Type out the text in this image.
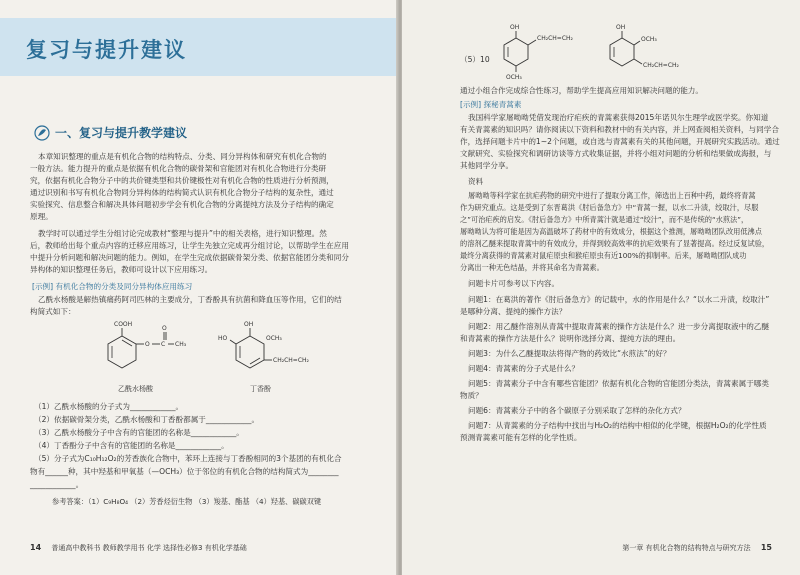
复习与提升建议
一、复习与提升教学建议
本章知识整理的重点是有机化合物的结构特点、分类、同分异构体和研究有机化合物的
一般方法。能力提升的重点是依据有机化合物的碳骨架和官能团对有机化合物进行分类研
究，依据有机化合物分子中的共价键类型和共价键极性对有机化合物的性质进行分析预测，
通过识别和书写有机化合物同分异构体的结构简式认识有机化合物分子结构的复杂性，通过
实验探究、信息整合和解决具体问题初步学会有机化合物的分离提纯方法及分子结构的确定
原理。
教学时可以通过学生分组讨论完成教材“整理与提升”中的相关表格，进行知识整理。然
后，教师给出每个重点内容的迁移应用练习，让学生先独立完成再分组讨论，以帮助学生在应用
中提升分析问题和解决问题的能力。例如，在学生完成依据碳骨架分类、依据官能团分类和同分
异构体的知识整理任务后，教师可设计以下应用练习。
[示例] 有机化合物的分类及同分异构体应用练习
乙酰水杨酸是解热镇痛药阿司匹林的主要成分，丁香酚具有抗菌和降血压等作用，它们的结
构简式如下：
COOH
O
O
C CH₃
乙酰水杨酸
OH
OCH₃
CH₂CH=CH₂
HO
丁香酚
（1）乙酰水杨酸的分子式为____________。
（2）依据碳骨架分类，乙酰水杨酸和丁香酚都属于____________。
（3）乙酰水杨酸分子中含有的官能团的名称是____________。
（4）丁香酚分子中含有的官能团的名称是____________。
（5）分子式为C₁₀H₁₂O₂的芳香族化合物中，苯环上连接与丁香酚相同的3个基团的有机化合
物有______种，其中羟基和甲氧基（—OCH₃）位于邻位的有机化合物的结构简式为________
____________。
参考答案：（1）C₉H₈O₄ （2）芳香烃衍生物 （3）羧基、酯基 （4）羟基、碳碳双键
14 普通高中教科书 教师教学用书 化学 选择性必修3 有机化学基础
（5）10
OH
CH₂CH=CH₂
OCH₃
OH
OCH₃
CH₂CH=CH₂
通过小组合作完成综合性练习，帮助学生提高应用知识解决问题的能力。
[示例] 探秘青蒿素
我国科学家屠呦呦凭借发现治疗疟疾的青蒿素获得2015年诺贝尔生理学或医学奖。你知道
有关青蒿素的知识吗？请你阅读以下资料和教材中的有关内容，并上网查阅相关资料，与同学合
作，选择问题卡片中的1~2个问题，或自选与青蒿素有关的其他问题，开展研究实践活动。通过
文献研究、实验探究和调研访谈等方式收集证据，并将小组对问题的分析和结果做成海报，与
其他同学分享。
资料
屠呦呦等科学家在抗疟药物的研究中进行了提取分离工作，筛选出上百种中药，最终将青蒿
作为研究重点。这是受到了东晋葛洪《肘后备急方》中“青蒿一握，以水二升渍，绞取汁，尽服
之”可治疟疾的启发。《肘后备急方》中所青蒿汁就是通过“绞汁”，而不是传统的“水煎法”，
屠呦呦认为将可能是因为高温破坏了药材中的有效成分，根据这个推测，屠呦呦团队改用低沸点
的溶剂乙醚来提取青蒿中的有效成分，并得到较高效率的抗疟效果有了显著提高。经过反复试验，
最终分离获得的青蒿素对鼠疟原虫和猴疟原虫有近100%的抑制率。后来，屠呦呦团队成功
分离出一种无色结晶，并将其命名为青蒿素。
问题卡片可参考以下内容。
问题1：在葛洪的著作《肘后备急方》的记载中，水的作用是什么？“以水二升渍，绞取汁”
是哪种分离、提纯的操作方法？
问题2：用乙醚作溶剂从青蒿中提取青蒿素的操作方法是什么？进一步分离提取液中的乙醚
和青蒿素的操作方法是什么？说明你选择分离、提纯方法的理由。
问题3：为什么乙醚提取法将得产物的药效比“水煎法”的好？
问题4：青蒿素的分子式是什么？
问题5：青蒿素分子中含有哪些官能团？依据有机化合物的官能团分类法，青蒿素属于哪类
物质？
问题6：青蒿素分子中的各个碳原子分别采取了怎样的杂化方式？
问题7：从青蒿素的分子结构中找出与H₂O₂的结构中相似的化学键，根据H₂O₂的化学性质
预测青蒿素可能有怎样的化学性质。
第一章 有机化合物的结构特点与研究方法 15
